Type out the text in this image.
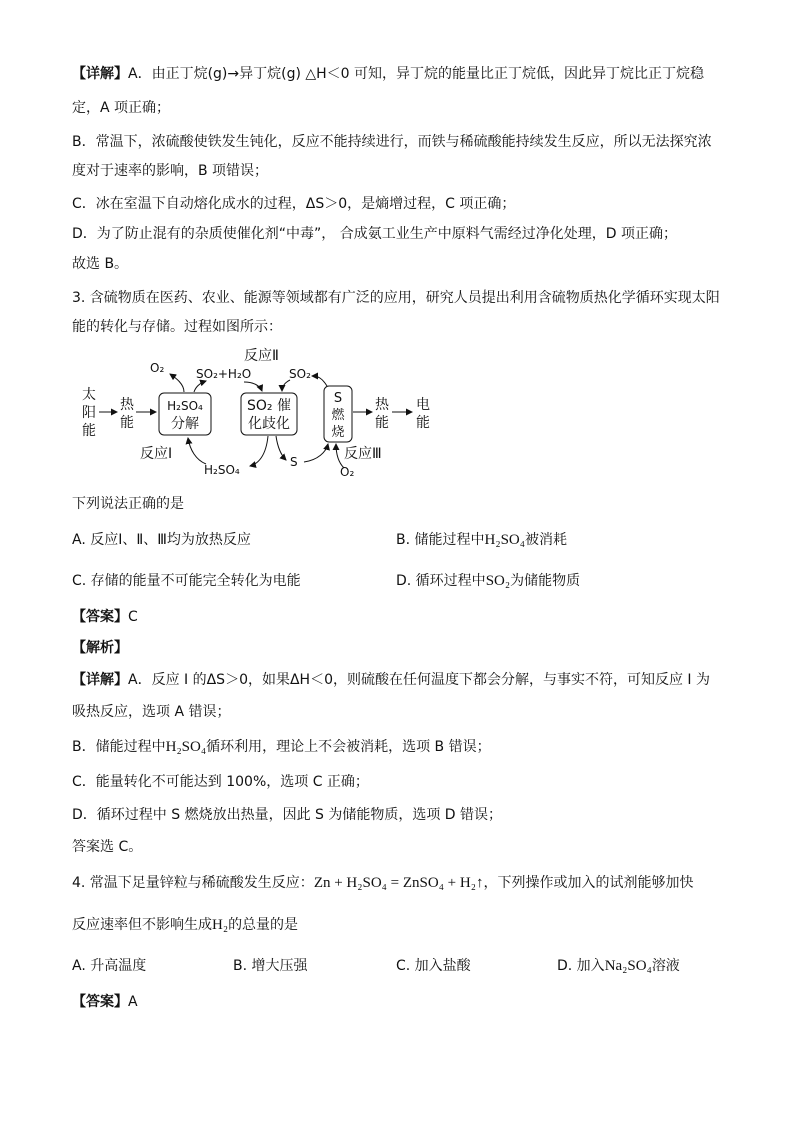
【详解】A．由正丁烷(g)→异丁烷(g) △H＜0 可知，异丁烷的能量比正丁烷低，因此异丁烷比正丁烷稳
定，A 项正确；
B．常温下，浓硫酸使铁发生钝化，反应不能持续进行，而铁与稀硫酸能持续发生反应，所以无法探究浓
度对于速率的影响，B 项错误；
C．冰在室温下自动熔化成水的过程，ΔS＞0，是熵增过程，C 项正确；
D．为了防止混有的杂质使催化剂“中毒”， 合成氨工业生产中原料气需经过净化处理，D 项正确；
故选 B。
3. 含硫物质在医药、农业、能源等领域都有广泛的应用，研究人员提出利用含硫物质热化学循环实现太阳
能的转化与存储。过程如图所示：
太
阳
能
热
能
H₂SO₄
分解
SO₂ 催
化歧化
S
燃
烧
热
能
电
能
反应Ⅱ
O₂	SO₂+H₂O	SO₂
反应Ⅰ
H₂SO₄
S	反应Ⅲ
O₂
下列说法正确的是
A. 反应Ⅰ、Ⅱ、Ⅲ均为放热反应	B. 储能过程中H₂SO₄被消耗
C. 存储的能量不可能完全转化为电能	D. 循环过程中SO₂为储能物质
【答案】C
【解析】
【详解】A．反应 I 的ΔS＞0，如果ΔH＜0，则硫酸在任何温度下都会分解，与事实不符，可知反应 I 为
吸热反应，选项 A 错误；
B．储能过程中H₂SO₄循环利用，理论上不会被消耗，选项 B 错误；
C．能量转化不可能达到 100%，选项 C 正确；
D．循环过程中 S 燃烧放出热量，因此 S 为储能物质，选项 D 错误；
答案选 C。
4. 常温下足量锌粒与稀硫酸发生反应：Zn + H₂SO₄ = ZnSO₄ + H₂↑，下列操作或加入的试剂能够加快
反应速率但不影响生成H₂的总量的是
A. 升高温度	B. 增大压强	C. 加入盐酸	D. 加入Na₂SO₄溶液
【答案】A
